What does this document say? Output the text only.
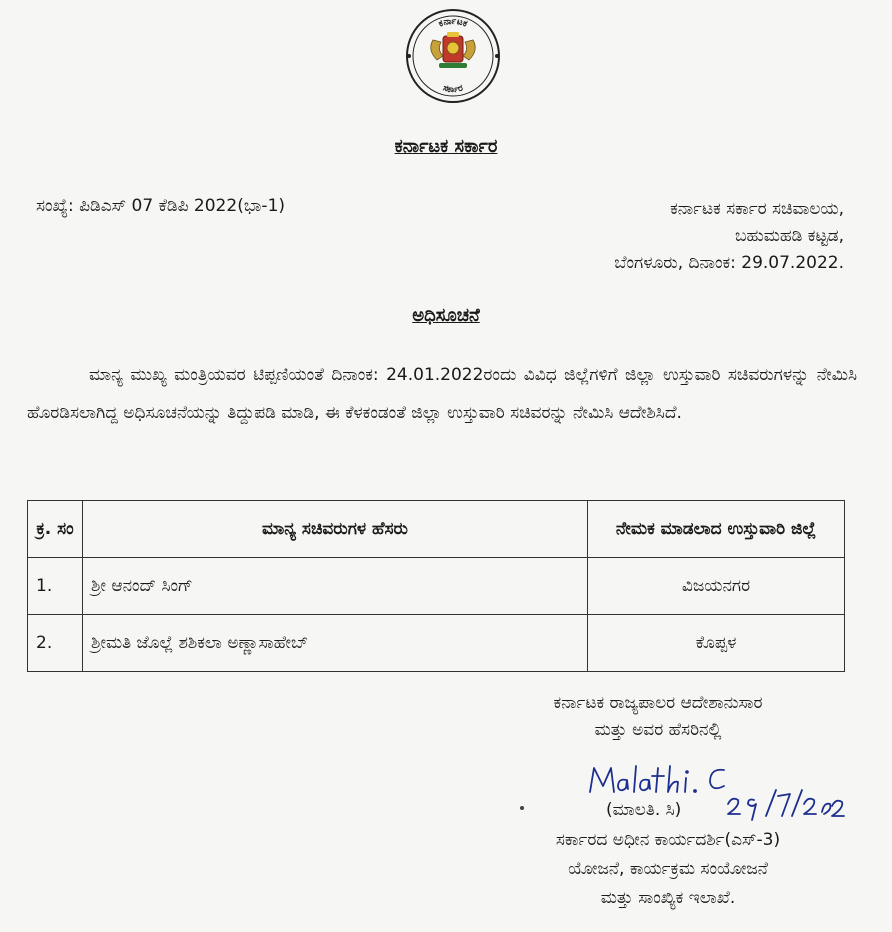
ಕರ್ನಾಟಕ
ಸರ್ಕಾರ
ಕರ್ನಾಟಕ ಸರ್ಕಾರ
ಸಂಖ್ಯೆ: ಪಿಡಿಎಸ್ 07 ಕೆಡಿಪಿ 2022(ಭಾ-1)	ಕರ್ನಾಟಕ ಸರ್ಕಾರ ಸಚಿವಾಲಯ,
ಬಹುಮಹಡಿ ಕಟ್ಟಡ,
ಬೆಂಗಳೂರು, ದಿನಾಂಕ: 29.07.2022.
ಅಧಿಸೂಚನೆ
ಮಾನ್ಯ ಮುಖ್ಯ ಮಂತ್ರಿಯವರ ಟಿಪ್ಪಣಿಯಂತೆ ದಿನಾಂಕ: 24.01.2022ರಂದು ವಿವಿಧ ಜಿಲ್ಲೆಗಳಿಗೆ ಜಿಲ್ಲಾ ಉಸ್ತುವಾರಿ ಸಚಿವರುಗಳನ್ನು ನೇಮಿಸಿ ಹೊರಡಿಸಲಾಗಿದ್ದ ಅಧಿಸೂಚನೆಯನ್ನು ತಿದ್ದುಪಡಿ ಮಾಡಿ, ಈ ಕೆಳಕಂಡಂತೆ ಜಿಲ್ಲಾ ಉಸ್ತುವಾರಿ ಸಚಿವರನ್ನು ನೇಮಿಸಿ ಆದೇಶಿಸಿದೆ.
ಕ್ರ. ಸಂ	ಮಾನ್ಯ ಸಚಿವರುಗಳ ಹೆಸರು	ನೇಮಕ ಮಾಡಲಾದ ಉಸ್ತುವಾರಿ ಜಿಲ್ಲೆ
1.	ಶ್ರೀ ಆನಂದ್ ಸಿಂಗ್	ವಿಜಯನಗರ
2.	ಶ್ರೀಮತಿ ಜೊಲ್ಲೆ ಶಶಿಕಲಾ ಅಣ್ಣಾಸಾಹೇಬ್	ಕೊಪ್ಪಳ
ಕರ್ನಾಟಕ ರಾಜ್ಯಪಾಲರ ಆದೇಶಾನುಸಾರ
ಮತ್ತು ಅವರ ಹೆಸರಿನಲ್ಲಿ
(ಮಾಲತಿ. ಸಿ)
ಸರ್ಕಾರದ ಅಧೀನ ಕಾರ್ಯದರ್ಶಿ(ಎಸ್-3)
ಯೋಜನೆ, ಕಾರ್ಯಕ್ರಮ ಸಂಯೋಜನೆ
ಮತ್ತು ಸಾಂಖ್ಯಿಕ ಇಲಾಖೆ.
